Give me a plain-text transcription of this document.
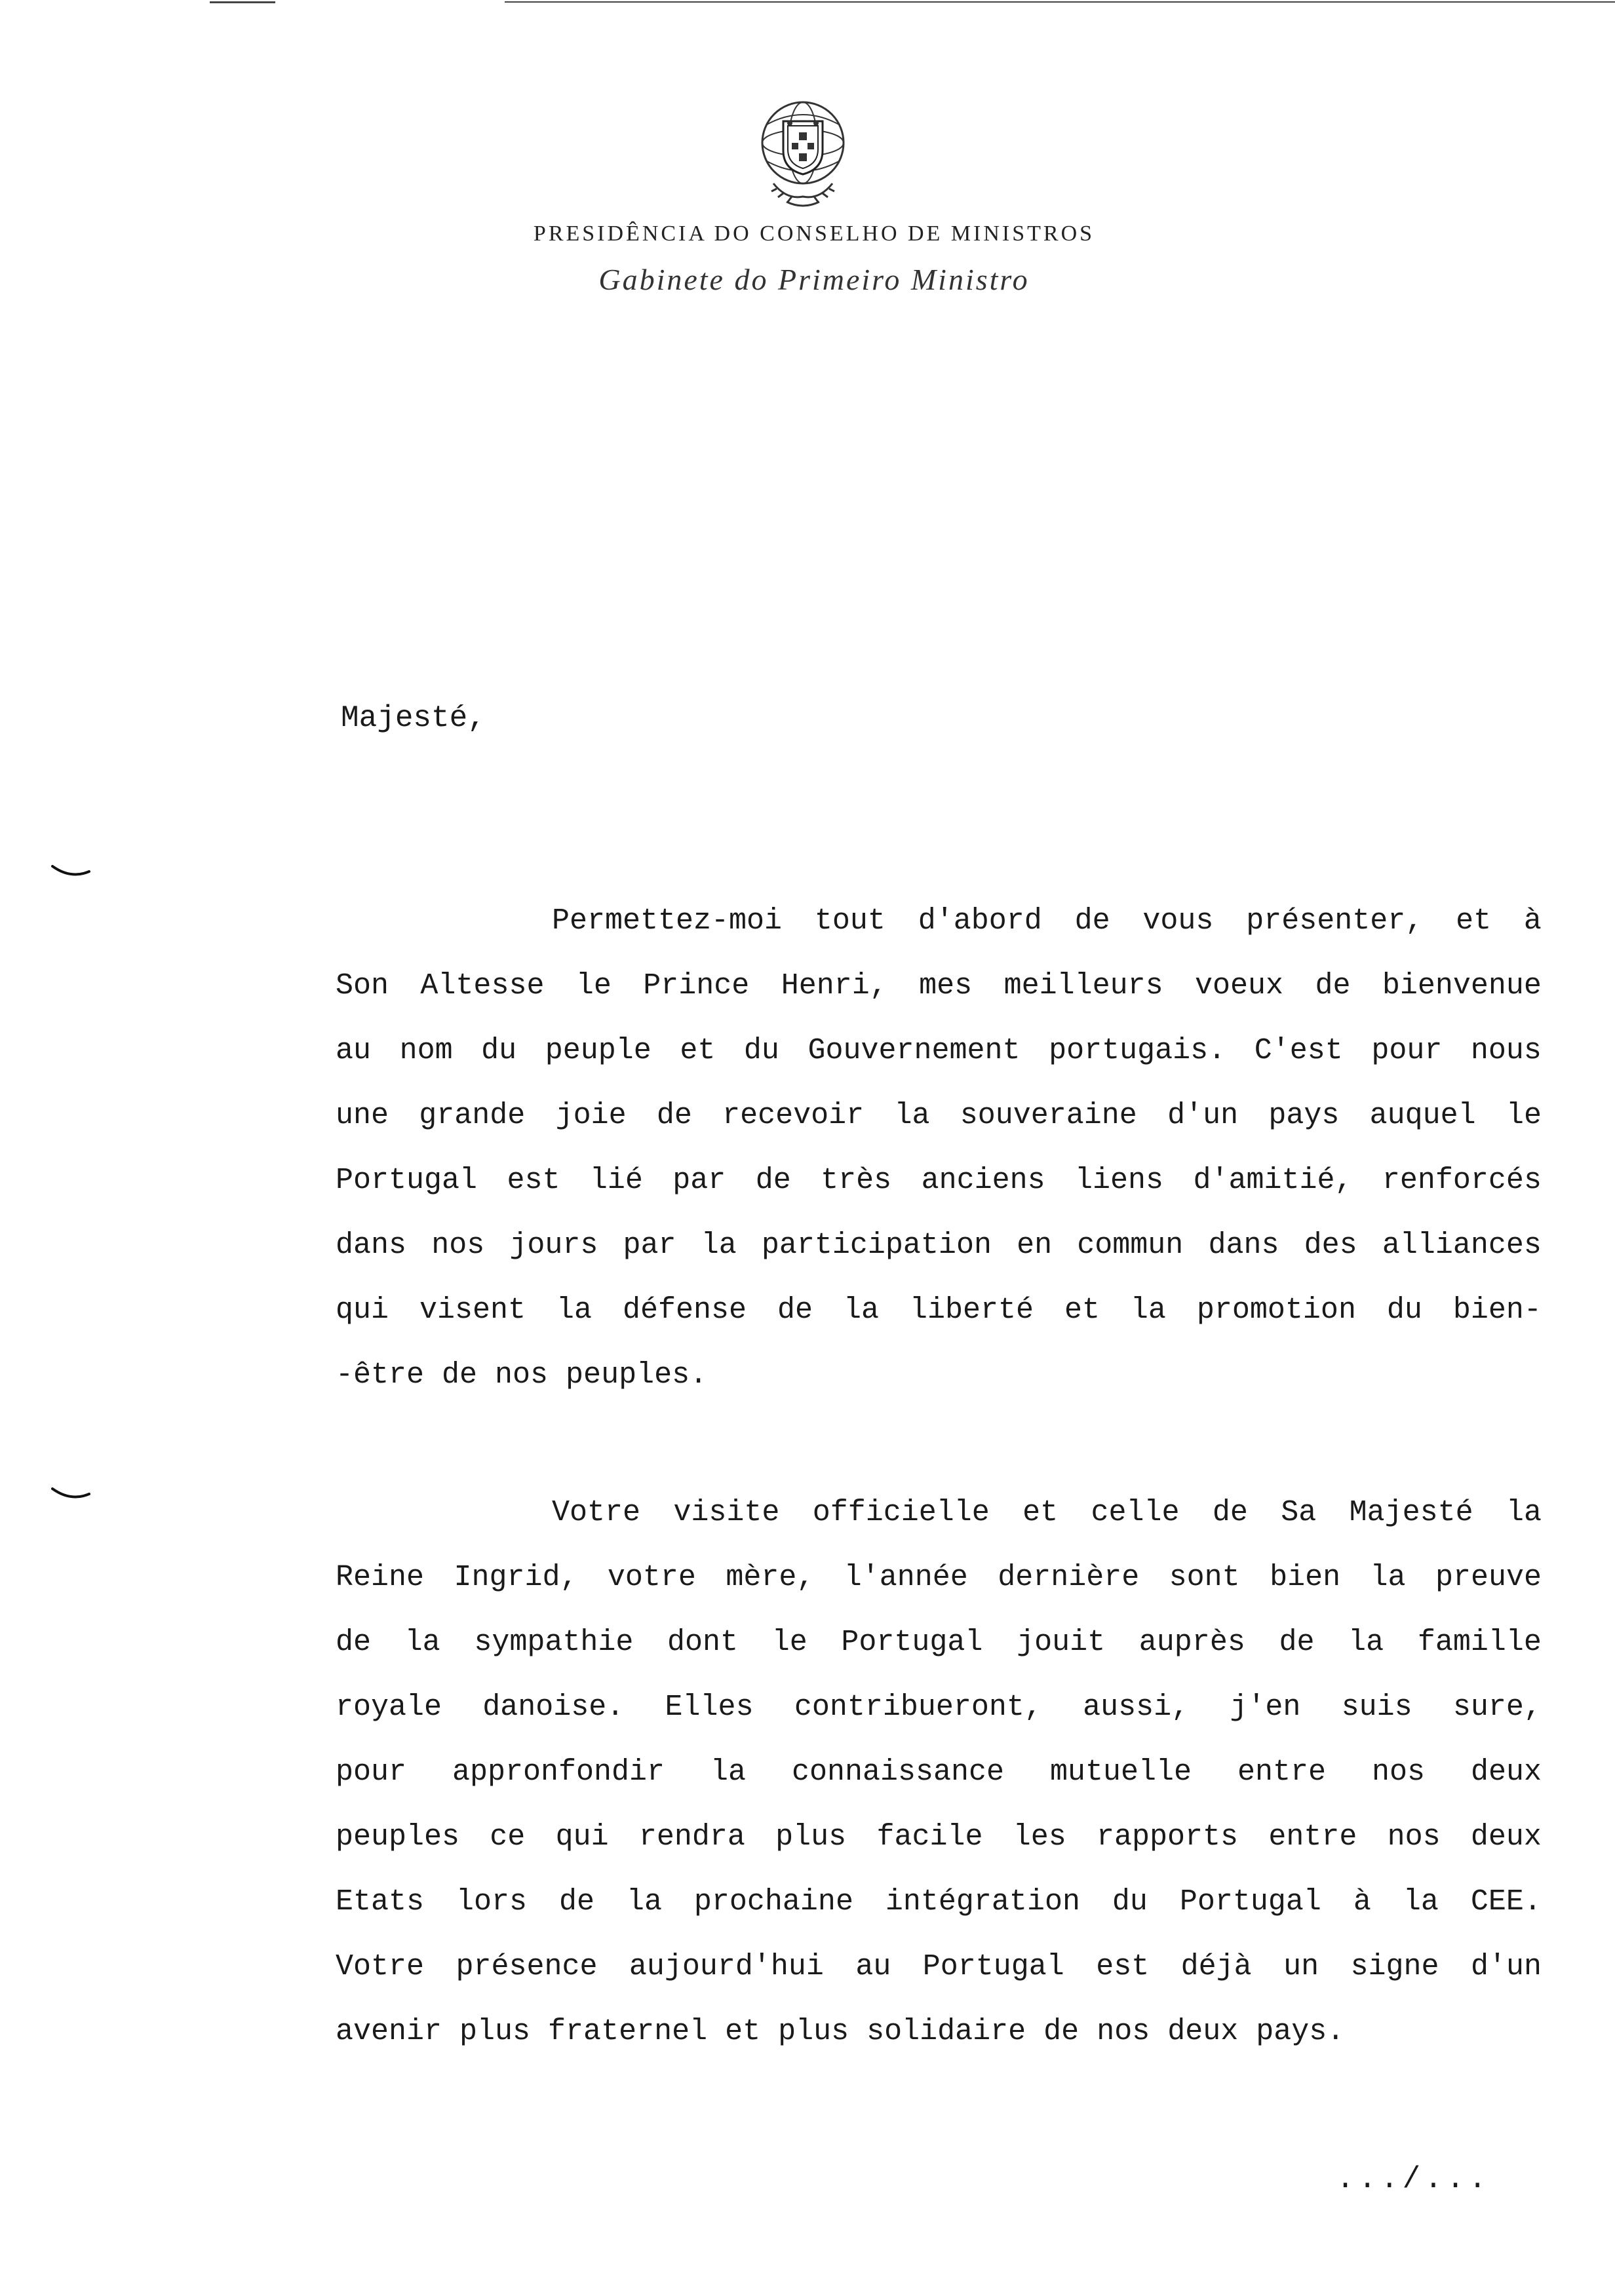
PRESIDÊNCIA DO CONSELHO DE MINISTROS
Gabinete do Primeiro Ministro
Majesté,
Permettez-moi tout d'abord de vous présenter, et à
Son Altesse le Prince Henri, mes meilleurs voeux de bienvenue
au nom du peuple et du Gouvernement portugais. C'est pour nous
une grande joie de recevoir la souveraine d'un pays auquel le
Portugal est lié par de très anciens liens d'amitié, renforcés
dans nos jours par la participation en commun dans des alliances
qui visent la défense de la liberté et la promotion du bien-
-être de nos peuples.
Votre visite officielle et celle de Sa Majesté la
Reine Ingrid, votre mère, l'année dernière sont bien la preuve
de la sympathie dont le Portugal jouit auprès de la famille
royale danoise. Elles contribueront, aussi, j'en suis sure,
pour appronfondir la connaissance mutuelle entre nos deux
peuples ce qui rendra plus facile les rapports entre nos deux
Etats lors de la prochaine intégration du Portugal à la CEE.
Votre présence aujourd'hui au Portugal est déjà un signe d'un
avenir plus fraternel et plus solidaire de nos deux pays.
.../...
